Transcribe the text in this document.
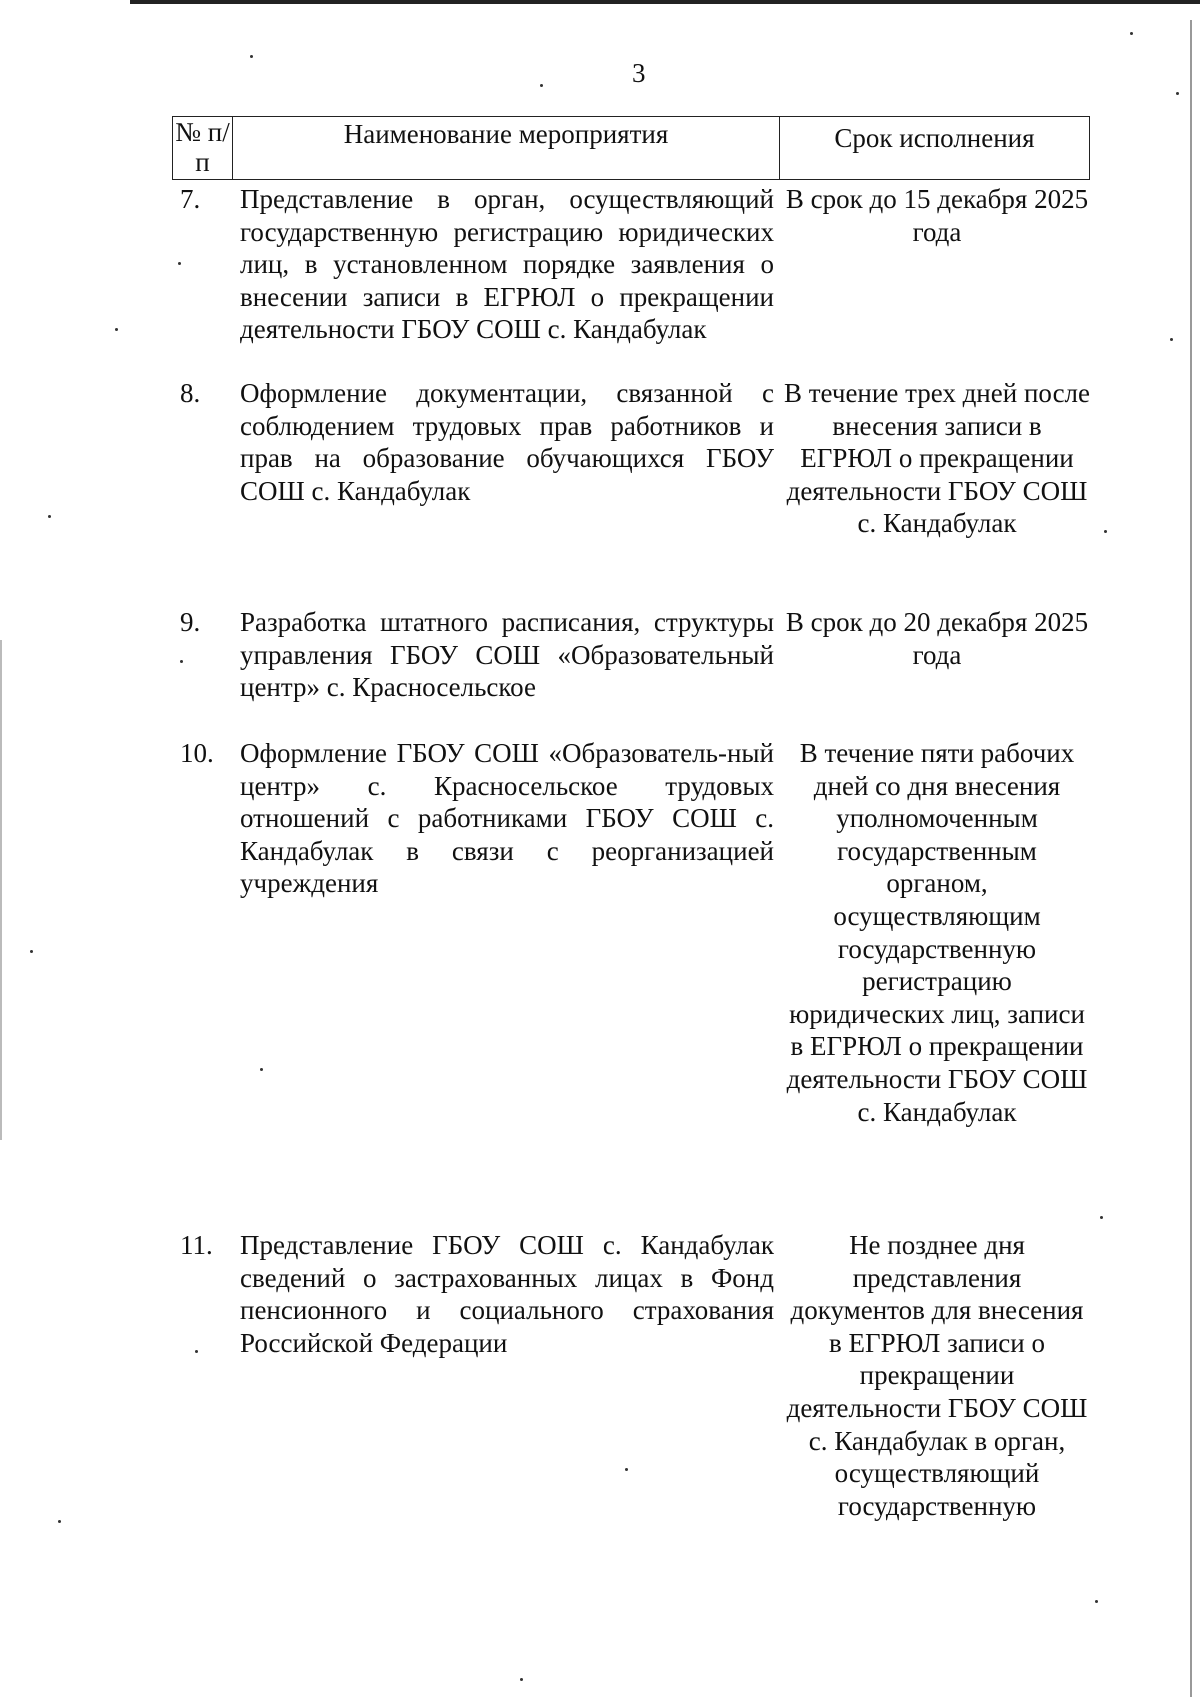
3
№ п/п
Наименование мероприятия	Срок исполнения
7. Представление в орган, осуществляющий государственную регистрацию юридических лиц, в установленном порядке заявления о внесении записи в ЕГРЮЛ о прекращении деятельности ГБОУ СОШ с. Кандабулак
В срок до 15 декабря 2025 года
8. Оформление документации, связанной с соблюдением трудовых прав работников и прав на образование обучающихся ГБОУ СОШ с. Кандабулак
В течение трех дней после внесения записи в ЕГРЮЛ о прекращении деятельности ГБОУ СОШ с. Кандабулак
9. Разработка штатного расписания, структуры управления ГБОУ СОШ «Образовательный центр» с. Красносельское
В срок до 20 декабря 2025 года
10. Оформление ГБОУ СОШ «Образователь-ный центр» с. Красносельское трудовых отношений с работниками ГБОУ СОШ с. Кандабулак в связи с реорганизацией учреждения
В течение пяти рабочих дней со дня внесения уполномоченным государственным органом, осуществляющим государственную регистрацию юридических лиц, записи в ЕГРЮЛ о прекращении деятельности ГБОУ СОШ с. Кандабулак
11. Представление ГБОУ СОШ с. Кандабулак сведений о застрахованных лицах в Фонд пенсионного и социального страхования Российской Федерации
Не позднее дня представления документов для внесения в ЕГРЮЛ записи о прекращении деятельности ГБОУ СОШ с. Кандабулак в орган, осуществляющий государственную
